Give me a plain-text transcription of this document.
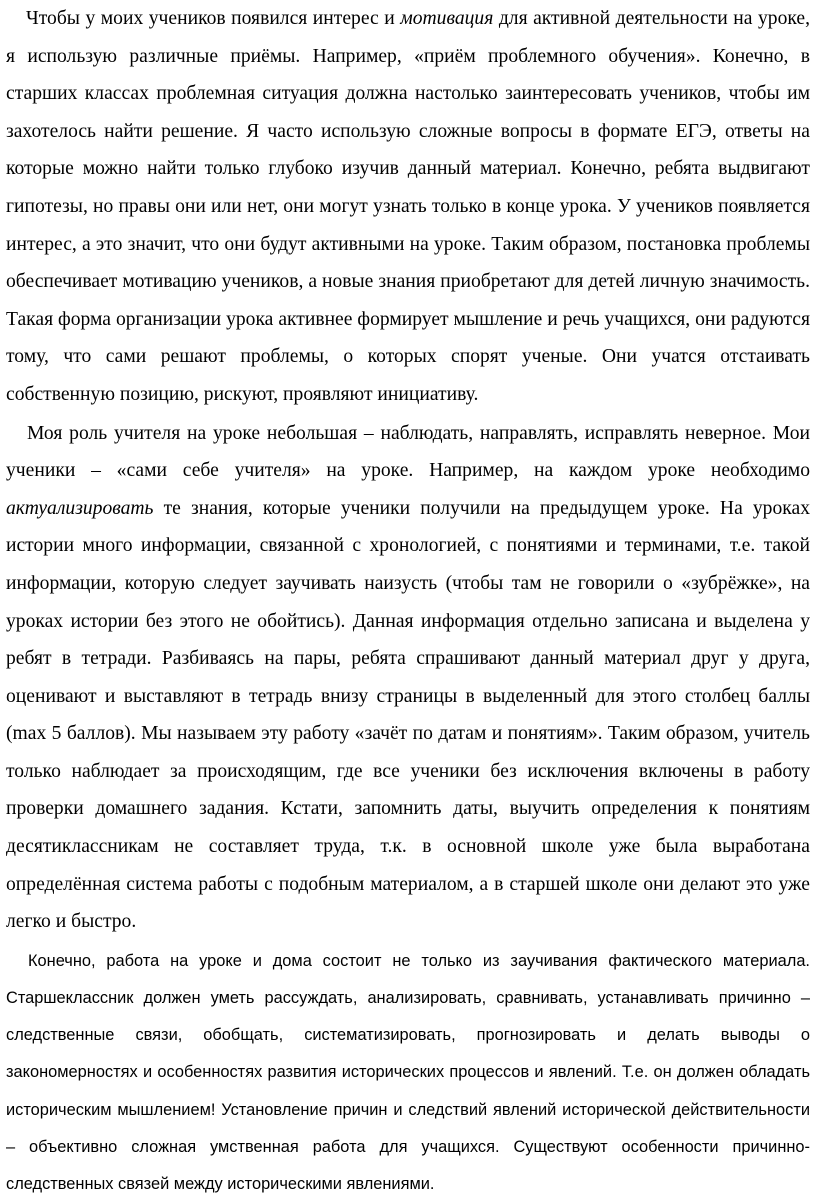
Чтобы у моих учеников появился интерес и мотивация для активной деятельности на уроке, я использую различные приёмы. Например, «приём проблемного обучения». Конечно, в старших классах проблемная ситуация должна настолько заинтересовать учеников, чтобы им захотелось найти решение. Я часто использую сложные вопросы в формате ЕГЭ, ответы на которые можно найти только глубоко изучив данный материал. Конечно, ребята выдвигают гипотезы, но правы они или нет, они могут узнать только в конце урока. У учеников появляется интерес, а это значит, что они будут активными на уроке. Таким образом, постановка проблемы обеспечивает мотивацию учеников, а новые знания приобретают для детей личную значимость. Такая форма организации урока активнее формирует мышление и речь учащихся, они радуются тому, что сами решают проблемы, о которых спорят ученые. Они учатся отстаивать собственную позицию, рискуют, проявляют инициативу.

Моя роль учителя на уроке небольшая – наблюдать, направлять, исправлять неверное. Мои ученики – «сами себе учителя» на уроке. Например, на каждом уроке необходимо актуализировать те знания, которые ученики получили на предыдущем уроке. На уроках истории много информации, связанной с хронологией, с понятиями и терминами, т.е. такой информации, которую следует заучивать наизусть (чтобы там не говорили о «зубрёжке», на уроках истории без этого не обойтись). Данная информация отдельно записана и выделена у ребят в тетради. Разбиваясь на пары, ребята спрашивают данный материал друг у друга, оценивают и выставляют в тетрадь внизу страницы в выделенный для этого столбец баллы (max 5 баллов). Мы называем эту работу «зачёт по датам и понятиям». Таким образом, учитель только наблюдает за происходящим, где все ученики без исключения включены в работу проверки домашнего задания. Кстати, запомнить даты, выучить определения к понятиям десятиклассникам не составляет труда, т.к. в основной школе уже была выработана определённая система работы с подобным материалом, а в старшей школе они делают это уже легко и быстро.

Конечно, работа на уроке и дома состоит не только из заучивания фактического материала. Старшеклассник должен уметь рассуждать, анализировать, сравнивать, устанавливать причинно – следственные связи, обобщать, систематизировать, прогнозировать и делать выводы о закономерностях и особенностях развития исторических процессов и явлений. Т.е. он должен обладать историческим мышлением! Установление причин и следствий явлений исторической действительности – объективно сложная умственная работа для учащихся. Существуют особенности причинно-следственных связей между историческими явлениями.
